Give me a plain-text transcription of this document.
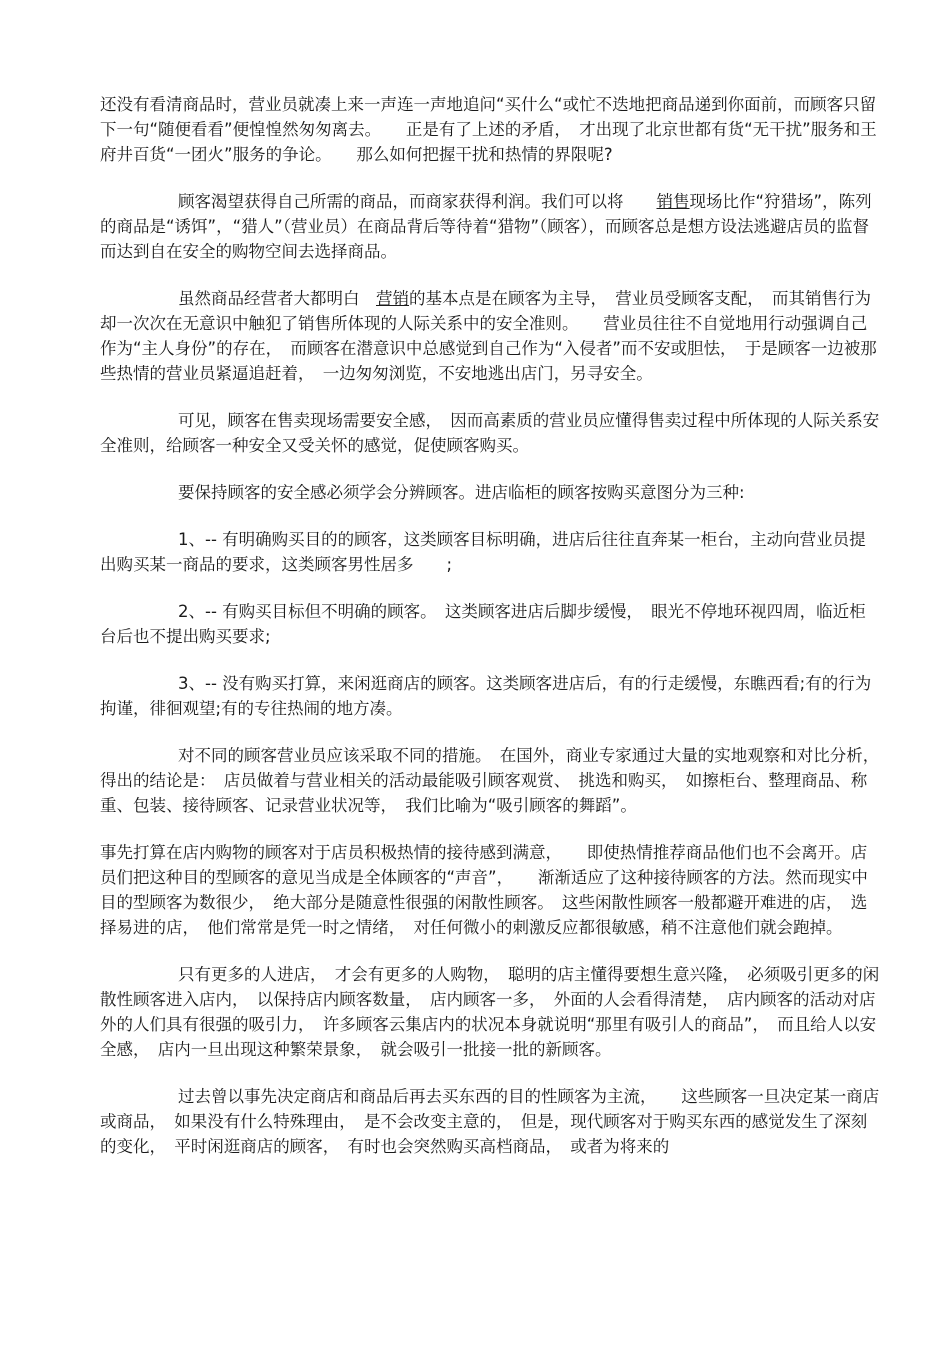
还没有看清商品时，营业员就凑上来一声连一声地追问“买什么“或忙不迭地把商品递到你面前，而顾客只留下一句“随便看看”便惶惶然匆匆离去。　　正是有了上述的矛盾，　才出现了北京世都有货“无干扰”服务和王府井百货“一团火”服务的争论。　　那么如何把握干扰和热情的界限呢?

顾客渴望获得自己所需的商品，而商家获得利润。我们可以将　　销售现场比作“狩猎场”，陈列的商品是“诱饵”，“猎人”（营业员）在商品背后等待着“猎物”（顾客），而顾客总是想方设法逃避店员的监督而达到自在安全的购物空间去选择商品。

虽然商品经营者大都明白　营销的基本点是在顾客为主导，　营业员受顾客支配，　而其销售行为却一次次在无意识中触犯了销售所体现的人际关系中的安全准则。　　营业员往往不自觉地用行动强调自己作为“主人身份”的存在，　而顾客在潜意识中总感觉到自己作为“入侵者”而不安或胆怯，　于是顾客一边被那些热情的营业员紧逼追赶着，　一边匆匆浏览，不安地逃出店门，另寻安全。

可见，顾客在售卖现场需要安全感，　因而高素质的营业员应懂得售卖过程中所体现的人际关系安全准则，给顾客一种安全又受关怀的感觉，促使顾客购买。

要保持顾客的安全感必须学会分辨顾客。进店临柜的顾客按购买意图分为三种:

1、-- 有明确购买目的的顾客，这类顾客目标明确，进店后往往直奔某一柜台，主动向营业员提出购买某一商品的要求，这类顾客男性居多　　;

2、-- 有购买目标但不明确的顾客。　这类顾客进店后脚步缓慢，　眼光不停地环视四周，临近柜台后也不提出购买要求;

3、-- 没有购买打算，来闲逛商店的顾客。这类顾客进店后，有的行走缓慢，东瞧西看;有的行为拘谨，徘徊观望;有的专往热闹的地方凑。

对不同的顾客营业员应该采取不同的措施。　在国外，商业专家通过大量的实地观察和对比分析，　得出的结论是：　店员做着与营业相关的活动最能吸引顾客观赏、　挑选和购买，　如擦柜台、整理商品、称重、包装、接待顾客、记录营业状况等，　我们比喻为“吸引顾客的舞蹈”。

事先打算在店内购物的顾客对于店员积极热情的接待感到满意，　　即使热情推荐商品他们也不会离开。店员们把这种目的型顾客的意见当成是全体顾客的“声音”，　　渐渐适应了这种接待顾客的方法。然而现实中目的型顾客为数很少，　绝大部分是随意性很强的闲散性顾客。　这些闲散性顾客一般都避开难进的店，　选择易进的店，　他们常常是凭一时之情绪，　对任何微小的刺激反应都很敏感，稍不注意他们就会跑掉。

只有更多的人进店，　才会有更多的人购物，　聪明的店主懂得要想生意兴隆，　必须吸引更多的闲散性顾客进入店内，　以保持店内顾客数量，　店内顾客一多，　外面的人会看得清楚，　店内顾客的活动对店外的人们具有很强的吸引力，　许多顾客云集店内的状况本身就说明“那里有吸引人的商品”，　而且给人以安全感，　店内一旦出现这种繁荣景象，　就会吸引一批接一批的新顾客。

过去曾以事先决定商店和商品后再去买东西的目的性顾客为主流，　　这些顾客一旦决定某一商店或商品，　如果没有什么特殊理由，　是不会改变主意的，　但是，现代顾客对于购买东西的感觉发生了深刻的变化，　平时闲逛商店的顾客，　有时也会突然购买高档商品，　或者为将来的
